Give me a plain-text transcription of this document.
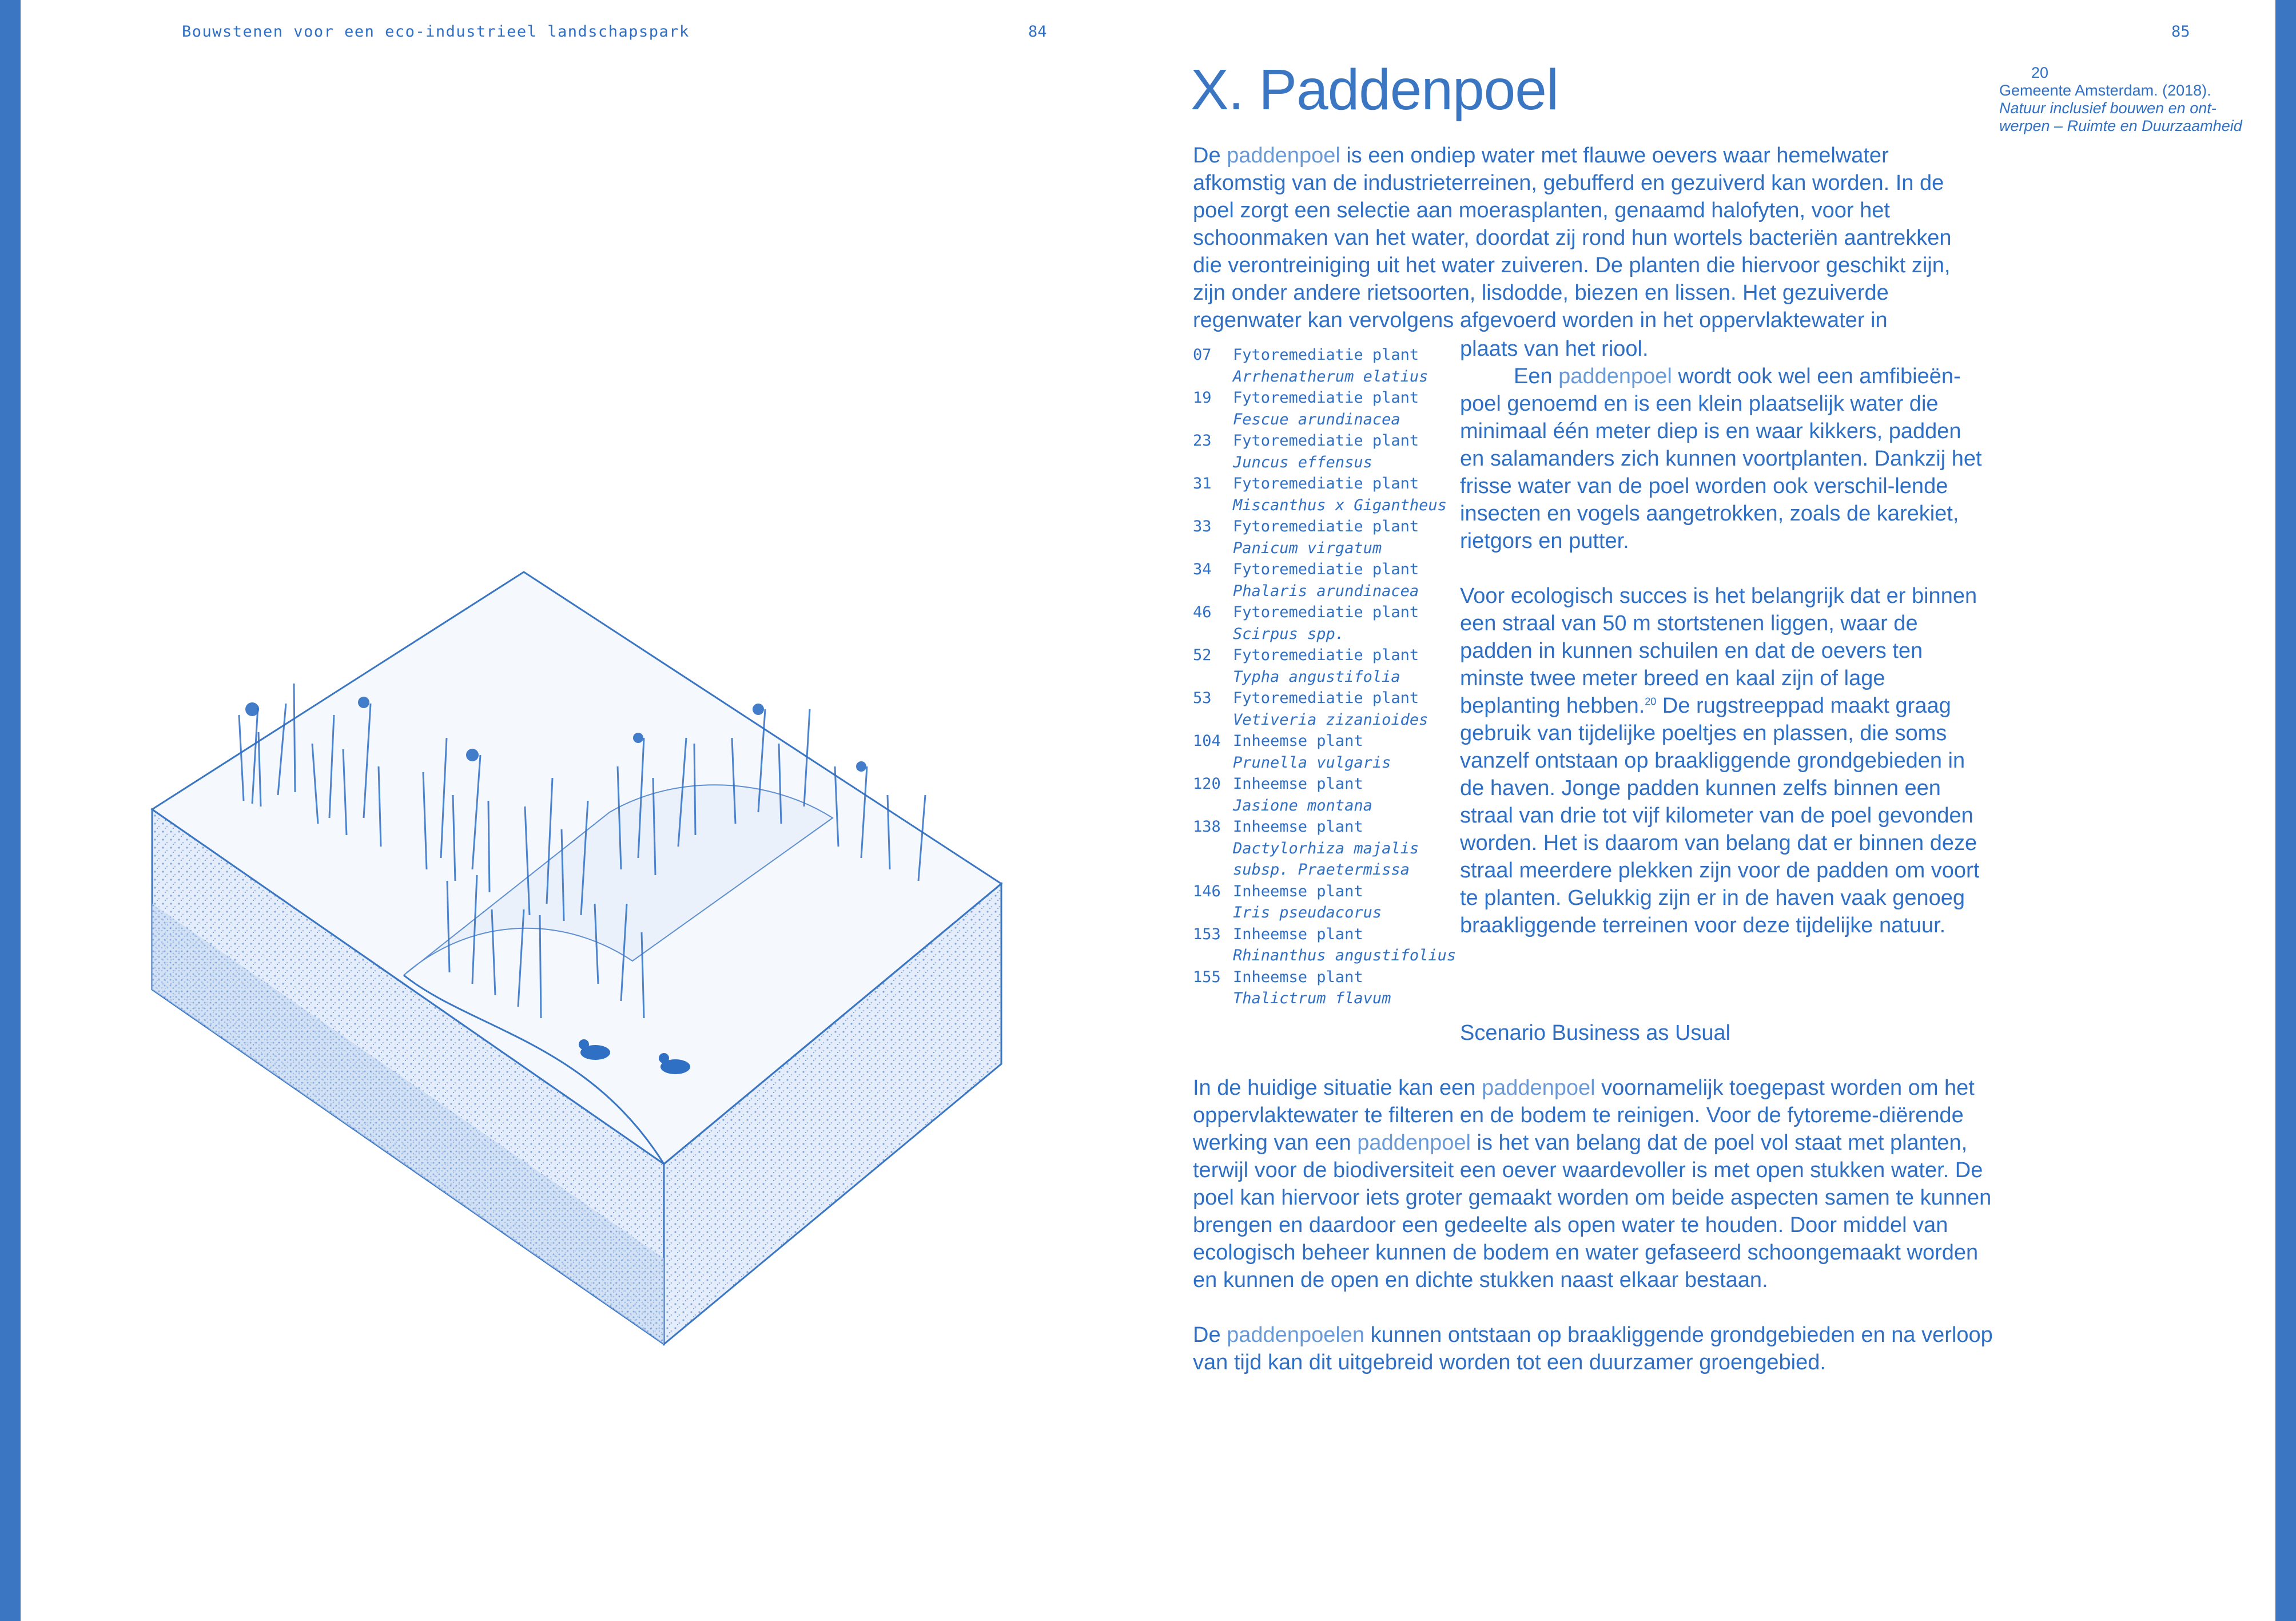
Bouwstenen voor een eco-industrieel landschapspark	84	85
X. Paddenpoel
De paddenpoel is een ondiep water met flauwe oevers waar hemelwater afkomstig van de industrieterreinen, gebufferd en gezuiverd kan worden. In de poel zorgt een selectie aan moerasplanten, genaamd halofyten, voor het schoonmaken van het water, doordat zij rond hun wortels bacteriën aantrekken die verontreiniging uit het water zuiveren. De planten die hiervoor geschikt zijn, zijn onder andere rietsoorten, lisdodde, biezen en lissen. Het gezuiverde regenwater kan vervolgens afgevoerd worden in het oppervlaktewater in
07	Fytoremediatie plant
Arrhenatherum elatius
19	Fytoremediatie plant
Fescue arundinacea
23	Fytoremediatie plant
Juncus effensus
31	Fytoremediatie plant
Miscanthus x Gigantheus
33	Fytoremediatie plant
Panicum virgatum
34	Fytoremediatie plant
Phalaris arundinacea
46	Fytoremediatie plant
Scirpus spp.
52	Fytoremediatie plant
Typha angustifolia
53	Fytoremediatie plant
Vetiveria zizanioides
104 Inheemse plant
Prunella vulgaris
120 Inheemse plant
Jasione montana
138 Inheemse plant
Dactylorhiza majalis subsp. Praetermissa
146 Inheemse plant
Iris pseudacorus
153 Inheemse plant
Rhinanthus angustifolius
155 Inheemse plant
Thalictrum flavum

plaats van het riool.

Een paddenpoel wordt ook wel een amfibieën-poel genoemd en is een klein plaatselijk water die minimaal één meter diep is en waar kikkers, padden en salamanders zich kunnen voortplanten. Dankzij het frisse water van de poel worden ook verschil-lende insecten en vogels aangetrokken, zoals de karekiet, rietgors en putter.

Voor ecologisch succes is het belangrijk dat er binnen een straal van 50 m stortstenen liggen, waar de padden in kunnen schuilen en dat de oevers ten minste twee meter breed en kaal zijn of lage beplanting hebben.$^{20}$ De rugstreeppad maakt graag gebruik van tijdelijke poeltjes en plassen, die soms vanzelf ontstaan op braakliggende grondgebieden in de haven. Jonge padden kunnen zelfs binnen een straal van drie tot vijf kilometer van de poel gevonden worden. Het is daarom van belang dat er binnen deze straal meerdere plekken zijn voor de padden om voort te planten. Gelukkig zijn er in de haven vaak genoeg braakliggende terreinen voor deze tijdelijke natuur.

Scenario Business as Usual

In de huidige situatie kan een paddenpoel voornamelijk toegepast worden om het oppervlaktewater te filteren en de bodem te reinigen. Voor de fytoreme-diërende werking van een paddenpoel is het van belang dat de poel vol staat met planten, terwijl voor de biodiversiteit een oever waardevoller is met open stukken water. De poel kan hiervoor iets groter gemaakt worden om beide aspecten samen te kunnen brengen en daardoor een gedeelte als open water te houden. Door middel van ecologisch beheer kunnen de bodem en water gefaseerd schoongemaakt worden en kunnen de open en dichte stukken naast elkaar bestaan.

De paddenpoelen kunnen ontstaan op braakliggende grondgebieden en na verloop van tijd kan dit uitgebreid worden tot een duurzamer groengebied.

20
Gemeente Amsterdam. (2018).
Natuur inclusief bouwen en ont-werpen – Ruimte en Duurzaamheid
